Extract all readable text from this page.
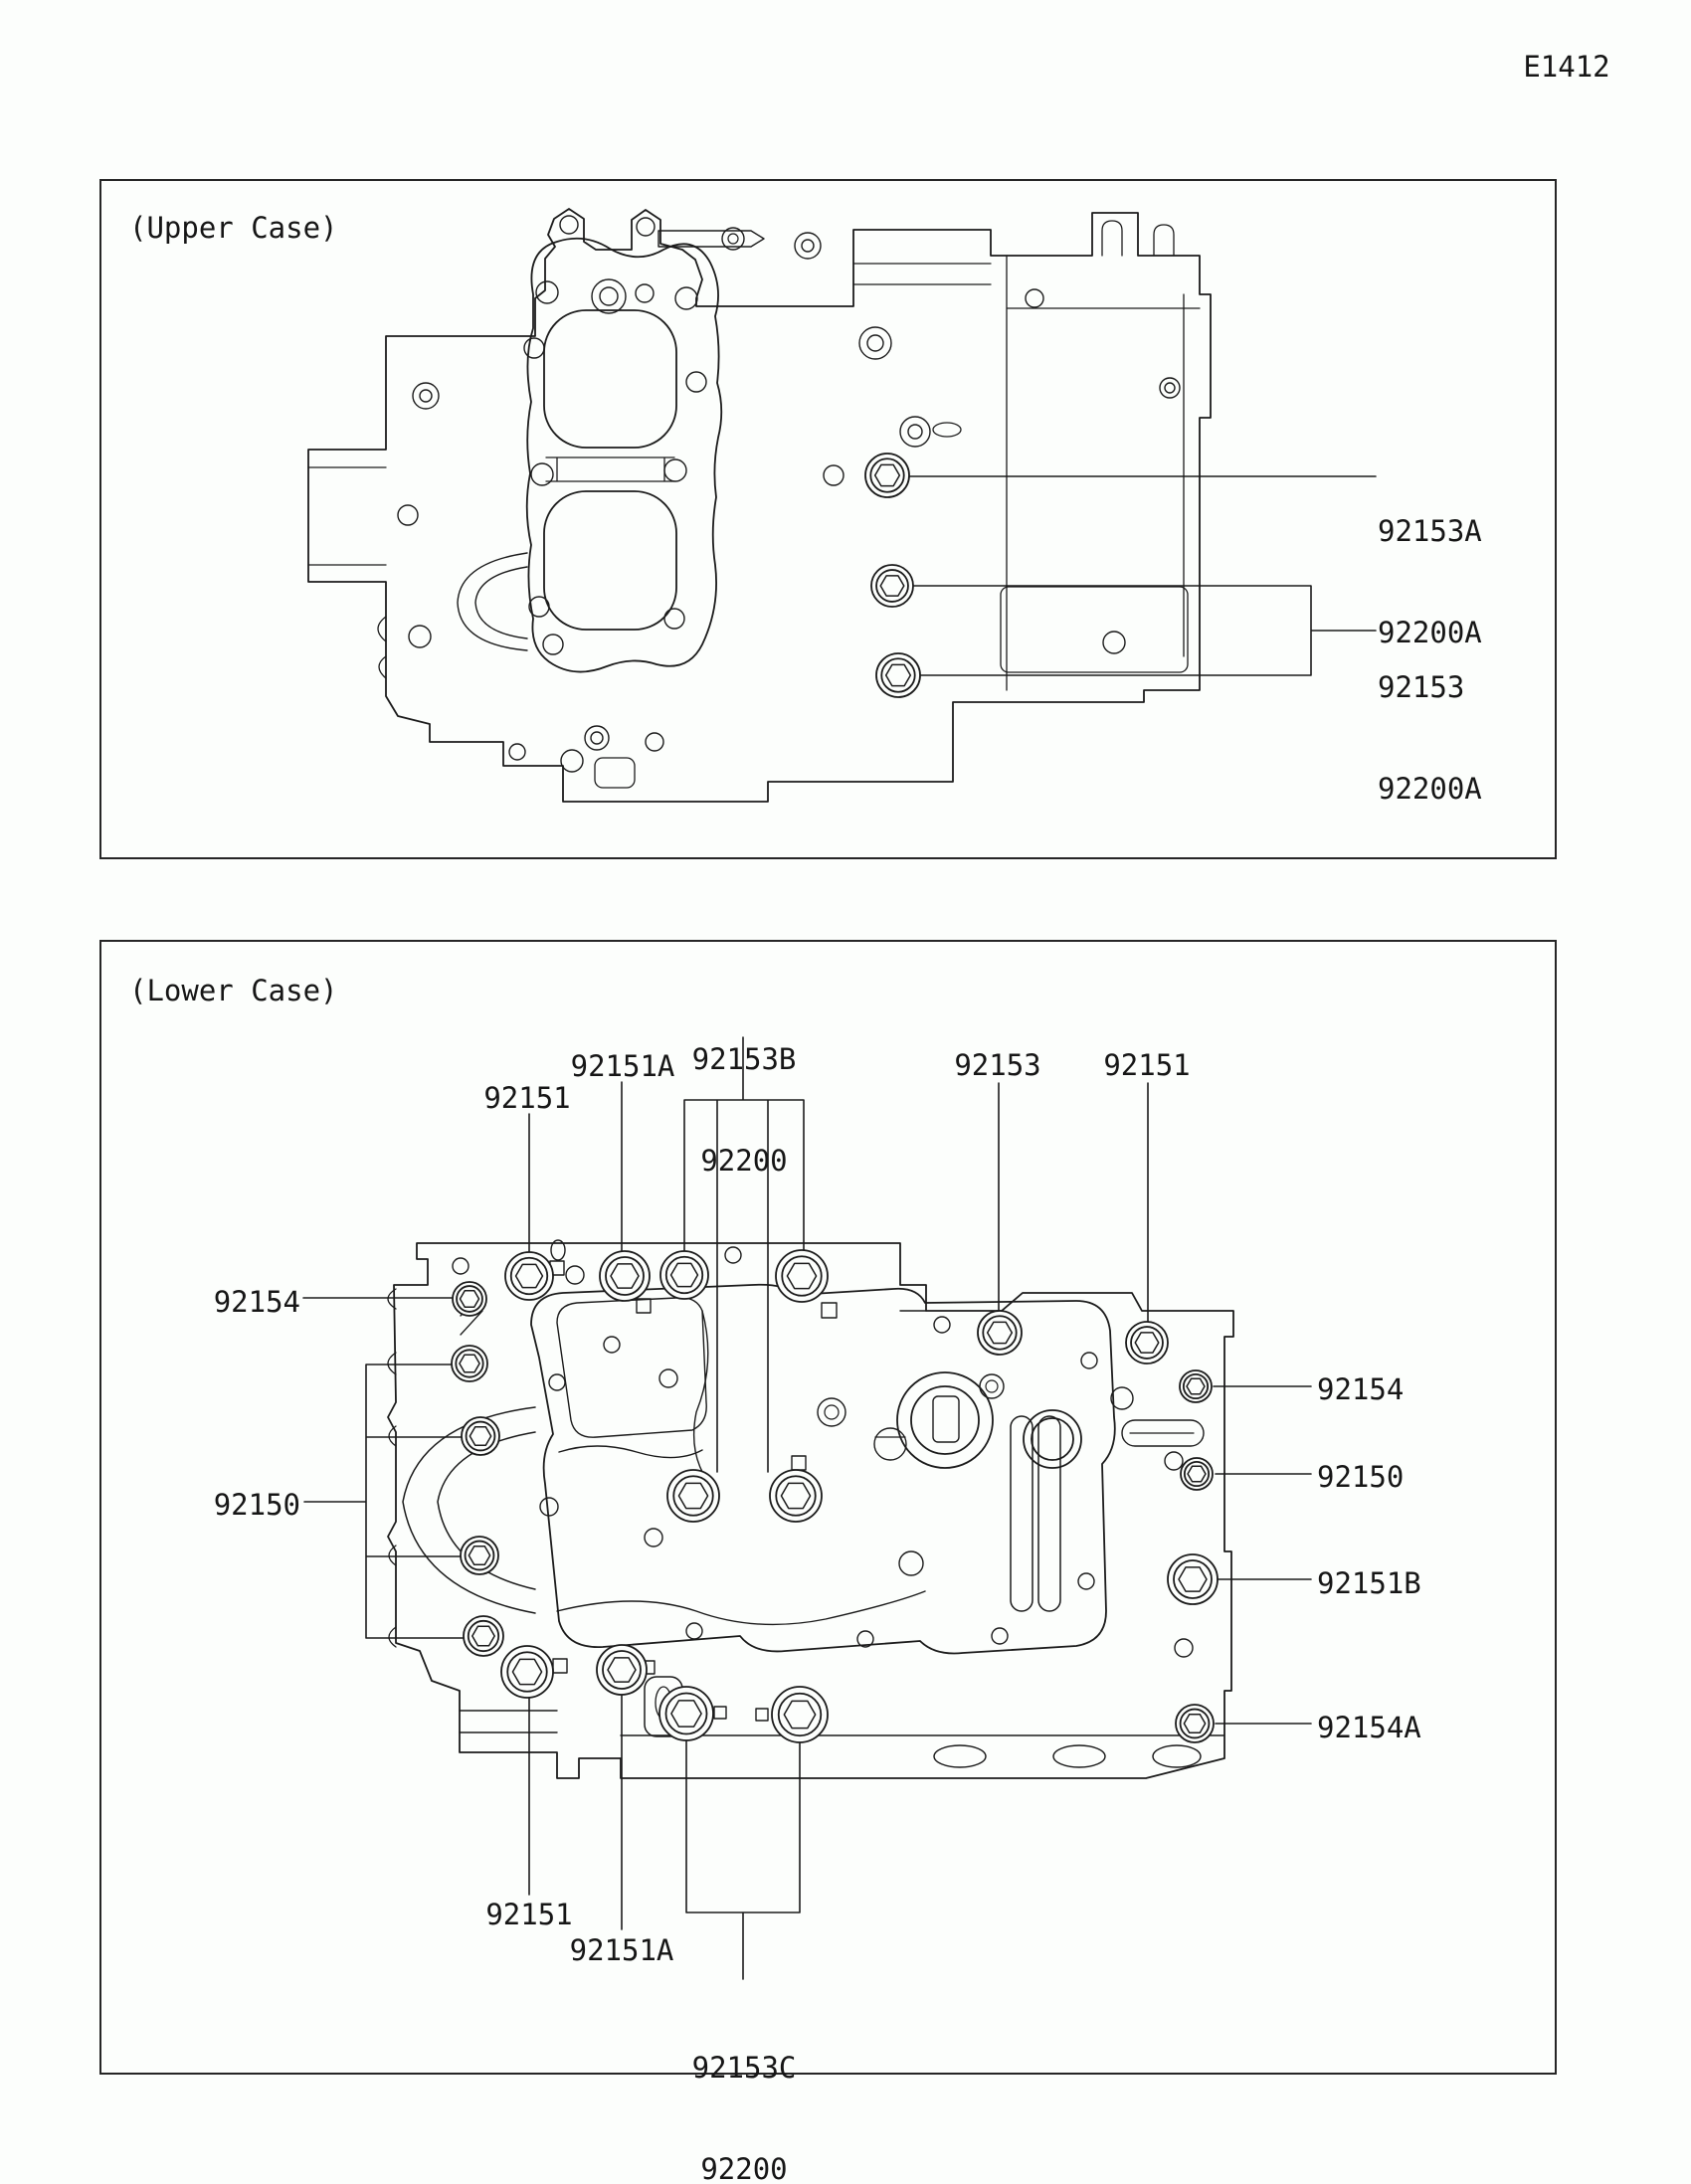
E1412
(Upper Case)

92153A

92200A

92153

92200A

(Lower Case)

92153B

92200

92151A
92151
92153	92151
92154
92150
92154
92150
92151B
92154A
92151
92151A

92153C

92200
